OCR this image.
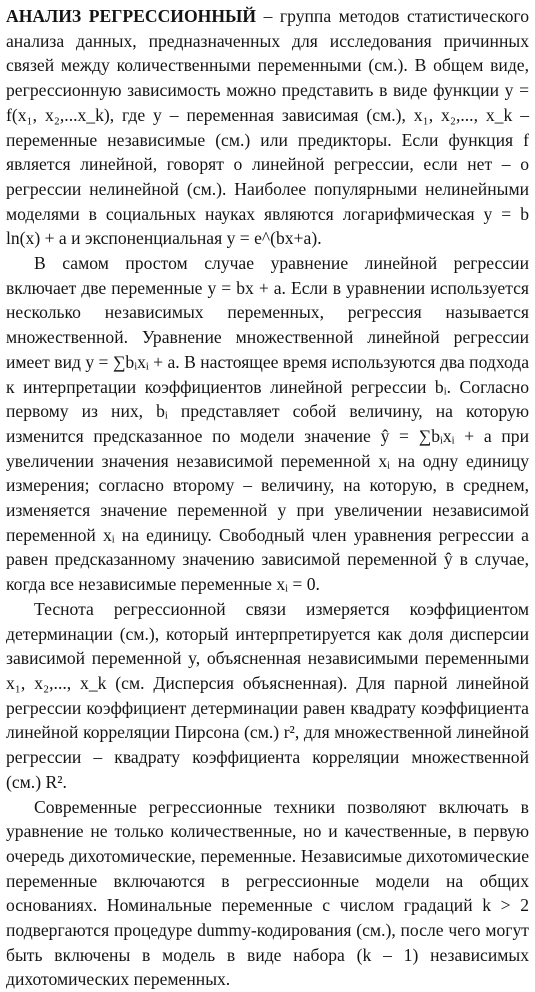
АНАЛИЗ РЕГРЕССИОННЫЙ – группа методов статистического анализа данных, предназначенных для исследования причинных связей между количественными переменными (см.). В общем виде, регрессионную зависимость можно представить в виде функции y = f(x₁, x₂,...x_k), где y – переменная зависимая (см.), x₁, x₂,..., x_k – переменные независимые (см.) или предикторы. Если функция f является линейной, говорят о линейной регрессии, если нет – о регрессии нелинейной (см.). Наиболее популярными нелинейными моделями в социальных науках являются логарифмическая y = b ln(x) + a и экспоненциальная y = e^(bx+a).

В самом простом случае уравнение линейной регрессии включает две переменные y = bx + a. Если в уравнении используется несколько независимых переменных, регрессия называется множественной. Уравнение множественной линейной регрессии имеет вид y = ∑bᵢxᵢ + a. В настоящее время используются два подхода к интерпретации коэффициентов линейной регрессии bᵢ. Согласно первому из них, bᵢ представляет собой величину, на которую изменится предсказанное по модели значение ŷ = ∑bᵢxᵢ + a при увеличении значения независимой переменной xᵢ на одну единицу измерения; согласно второму – величину, на которую, в среднем, изменяется значение переменной y при увеличении независимой переменной xᵢ на единицу. Свободный член уравнения регрессии a равен предсказанному значению зависимой переменной ŷ в случае, когда все независимые переменные xᵢ = 0.

Теснота регрессионной связи измеряется коэффициентом детерминации (см.), который интерпретируется как доля дисперсии зависимой переменной y, объясненная независимыми переменными x₁, x₂,..., x_k (см. Дисперсия объясненная). Для парной линейной регрессии коэффициент детерминации равен квадрату коэффициента линейной корреляции Пирсона (см.) r², для множественной линейной регрессии – квадрату коэффициента корреляции множественной (см.) R².

Современные регрессионные техники позволяют включать в уравнение не только количественные, но и качественные, в первую очередь дихотомические, переменные. Независимые дихотомические переменные включаются в регрессионные модели на общих основаниях. Номинальные переменные с числом градаций k > 2 подвергаются процедуре dummy-кодирования (см.), после чего могут быть включены в модель в виде набора (k – 1) независимых дихотомических переменных.
